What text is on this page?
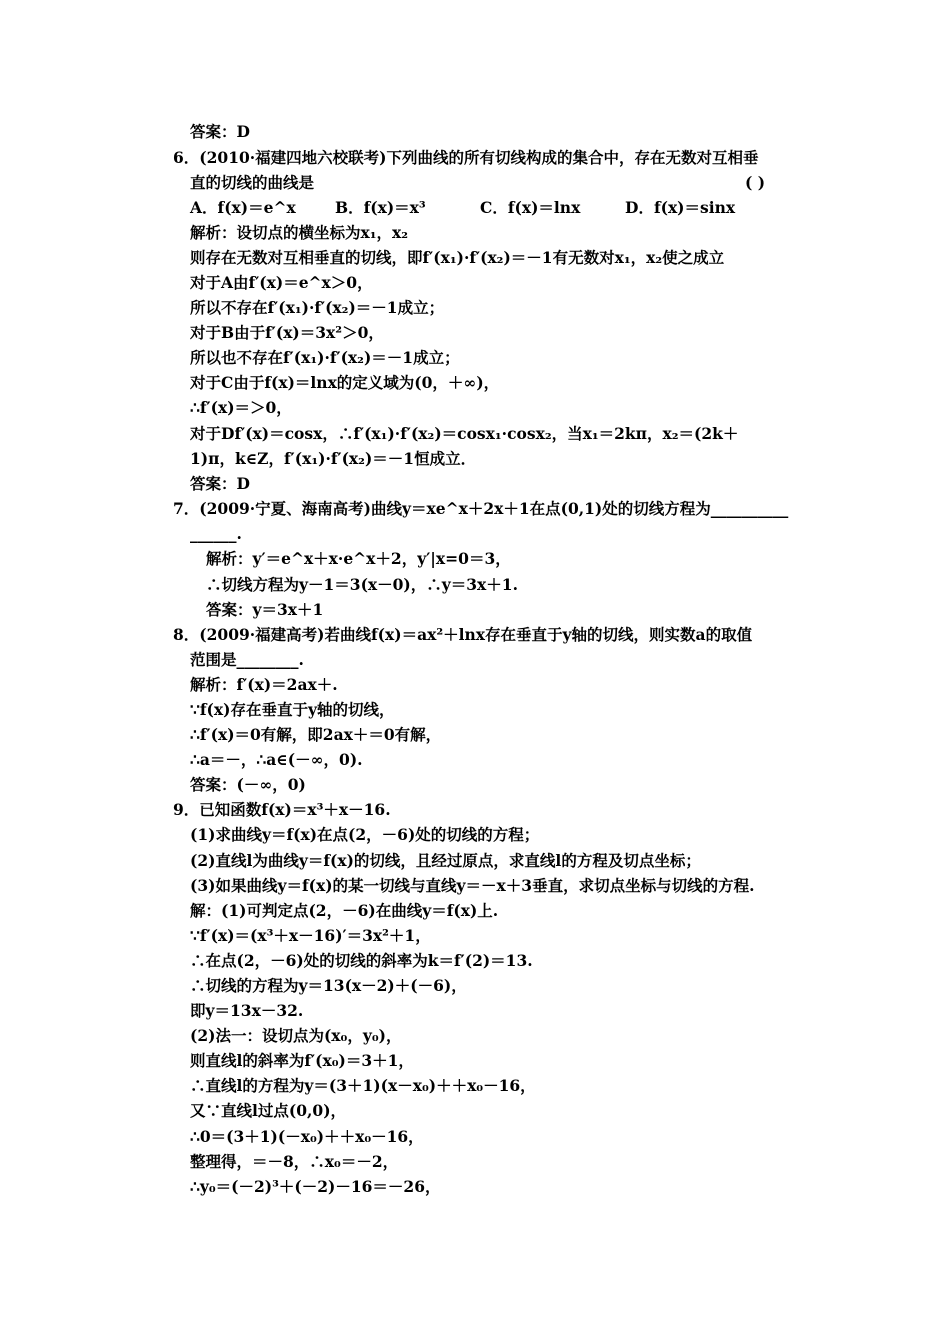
答案：D
6．(2010·福建四地六校联考)下列曲线的所有切线构成的集合中，存在无数对互相垂
直的切线的曲线是	( )
A．f(x)＝e^x	B．f(x)＝x³	C．f(x)＝lnx	D．f(x)＝sinx
解析：设切点的横坐标为x₁，x₂
则存在无数对互相垂直的切线，即f′(x₁)·f′(x₂)＝－1有无数对x₁，x₂使之成立
对于A由f′(x)＝e^x＞0，
所以不存在f′(x₁)·f′(x₂)＝－1成立；
对于B由于f′(x)＝3x²＞0，
所以也不存在f′(x₁)·f′(x₂)＝－1成立；
对于C由于f(x)＝lnx的定义域为(0，＋∞)，
∴f′(x)＝＞0，
对于Df′(x)＝cosx，∴f′(x₁)·f′(x₂)＝cosx₁·cosx₂，当x₁＝2kπ，x₂＝(2k＋
1)π，k∈Z，f′(x₁)·f′(x₂)＝－1恒成立．
答案：D
7．(2009·宁夏、海南高考)曲线y＝xe^x＋2x＋1在点(0,1)处的切线方程为__________
______.
解析：y′＝e^x＋x·e^x＋2，y′|x=0＝3，
∴切线方程为y－1＝3(x－0)，∴y＝3x＋1.
答案：y＝3x＋1
8．(2009·福建高考)若曲线f(x)＝ax²＋lnx存在垂直于y轴的切线，则实数a的取值
范围是________.
解析：f′(x)＝2ax＋.
∵f(x)存在垂直于y轴的切线，
∴f′(x)＝0有解，即2ax＋＝0有解，
∴a＝－，∴a∈(－∞，0).
答案：(－∞，0)
9．已知函数f(x)＝x³＋x－16.
(1)求曲线y＝f(x)在点(2，－6)处的切线的方程；
(2)直线l为曲线y＝f(x)的切线，且经过原点，求直线l的方程及切点坐标；
(3)如果曲线y＝f(x)的某一切线与直线y＝－x＋3垂直，求切点坐标与切线的方程.
解：(1)可判定点(2，－6)在曲线y＝f(x)上.
∵f′(x)＝(x³＋x－16)′＝3x²＋1，
∴在点(2，－6)处的切线的斜率为k＝f′(2)＝13.
∴切线的方程为y＝13(x－2)＋(－6)，
即y＝13x－32.
(2)法一：设切点为(x₀，y₀)，
则直线l的斜率为f′(x₀)＝3＋1，
∴直线l的方程为y＝(3＋1)(x－x₀)＋＋x₀－16，
又∵直线l过点(0,0)，
∴0＝(3＋1)(－x₀)＋＋x₀－16，
整理得，＝－8，∴x₀＝－2，
∴y₀＝(－2)³＋(－2)－16＝－26，
